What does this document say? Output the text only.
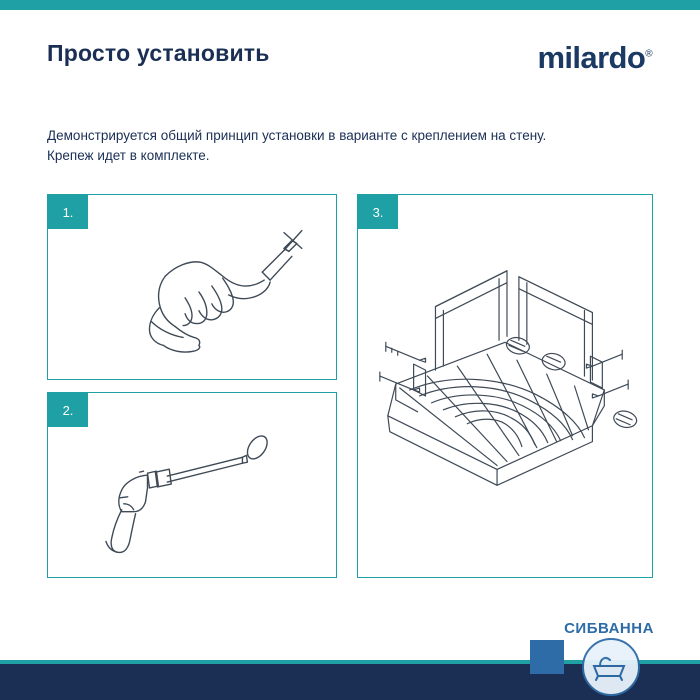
Просто установить	milardo®
Демонстрируется общий принцип установки в варианте с креплением на стену.
Крепеж идет в комплекте.
1.
2.
3.
СИБВАННА
